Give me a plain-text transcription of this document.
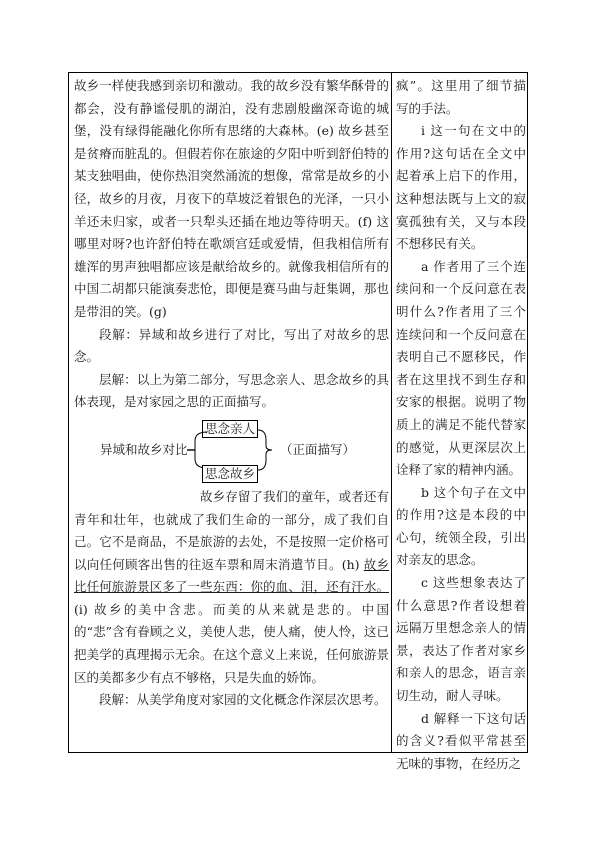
故乡一样使我感到亲切和激动。我的故乡没有繁华酥骨的都会，没有静谧侵肌的湖泊，没有悲剧般幽深奇诡的城堡，没有绿得能融化你所有思绪的大森林。(e) 故乡甚至是贫瘠而脏乱的。但假若你在旅途的夕阳中听到舒伯特的某支独唱曲，使你热泪突然涌流的想像，常常是故乡的小径，故乡的月夜，月夜下的草坡泛着银色的光泽，一只小羊还未归家，或者一只犁头还插在地边等待明天。(f) 这哪里对呀?也许舒伯特在歌颂宫廷或爱情，但我相信所有雄浑的男声独唱都应该是献给故乡的。就像我相信所有的中国二胡都只能演奏悲怆，即便是赛马曲与赶集调，那也是带泪的笑。(g)

段解：异域和故乡进行了对比，写出了对故乡的思念。

层解：以上为第二部分，写思念亲人、思念故乡的具体表现，是对家园之思的正面描写。

思念亲人
异域和故乡对比	（正面描写）
思念故乡

故乡存留了我们的童年，或者还有青年和壮年，也就成了我们生命的一部分，成了我们自己。它不是商品，不是旅游的去处，不是按照一定价格可以向任何顾客出售的往返车票和周末消遣节目。(h) 故乡比任何旅游景区多了一些东西：你的血、泪，还有汗水。(i) 故乡的美中含悲。而美的从来就是悲的。中国的“悲”含有眷顾之义，美使人悲，使人痛，使人怜，这已把美学的真理揭示无余。在这个意义上来说，任何旅游景区的美都多少有点不够格，只是失血的娇饰。

段解：从美学角度对家园的文化概念作深层次思考。

疯”。这里用了细节描写的手法。

i 这一句在文中的作用?这句话在全文中起着承上启下的作用，这种想法既与上文的寂寞孤独有关，又与本段不想移民有关。

a 作者用了三个连续问和一个反问意在表明什么?作者用了三个连续问和一个反问意在表明自己不愿移民，作者在这里找不到生存和安家的根据。说明了物质上的满足不能代替家的感觉，从更深层次上诠释了家的精神内涵。

b 这个句子在文中的作用?这是本段的中心句，统领全段，引出对亲友的思念。

c 这些想象表达了什么意思?作者设想着远隔万里想念亲人的情景，表达了作者对家乡和亲人的思念，语言亲切生动，耐人寻味。

d 解释一下这句话的含义?看似平常甚至无味的事物，在经历之
